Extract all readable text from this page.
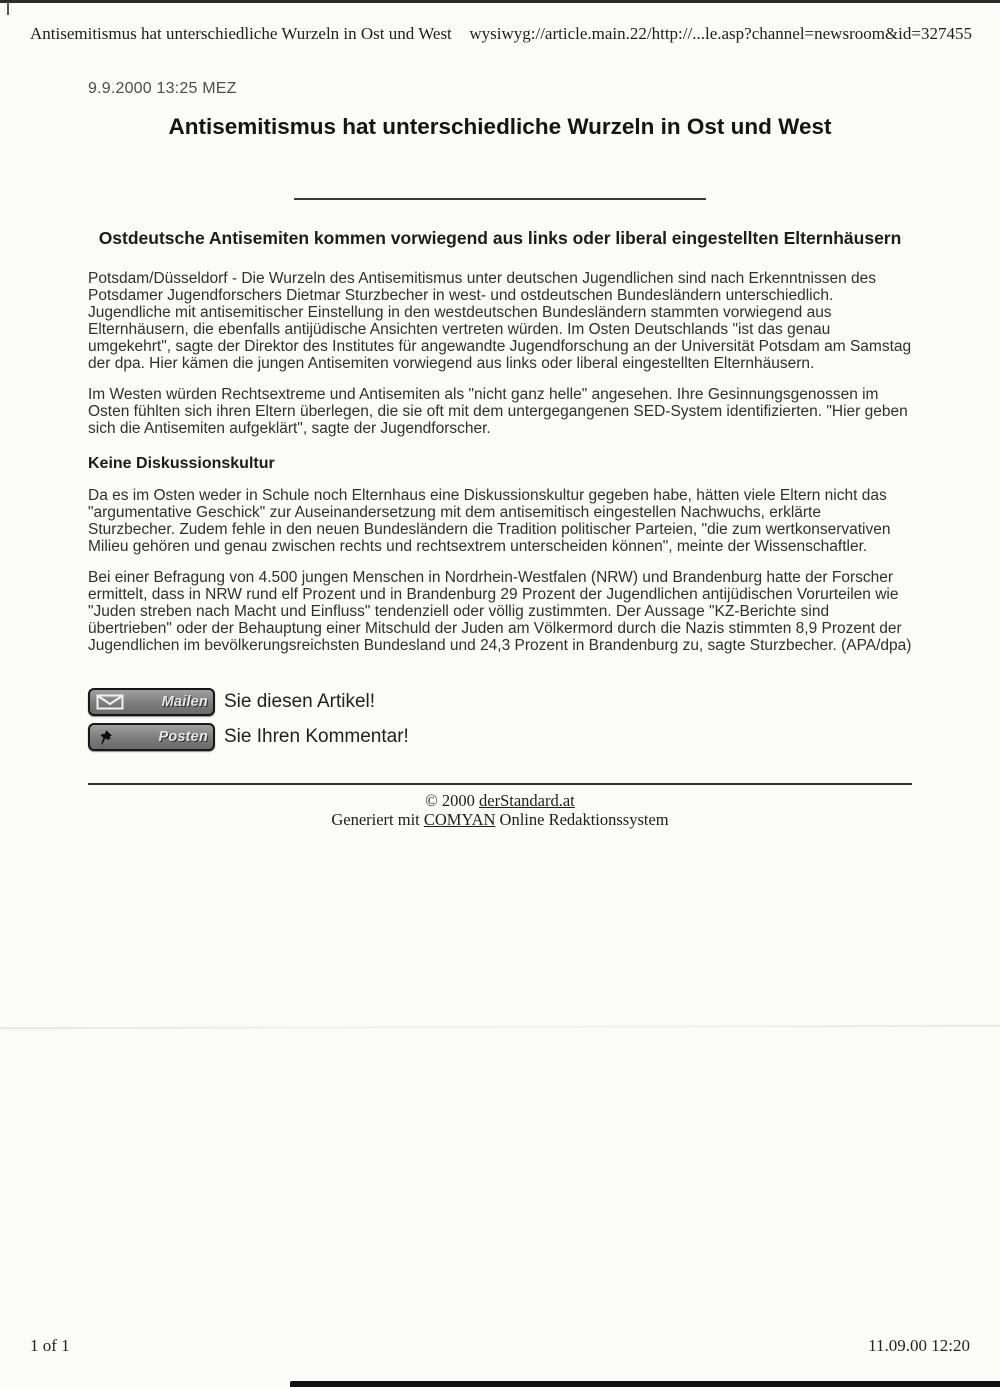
Antisemitismus hat unterschiedliche Wurzeln in Ost und West wysiwyg://article.main.22/http://...le.asp?channel=newsroom&id=327455
9.9.2000 13:25 MEZ
Antisemitismus hat unterschiedliche Wurzeln in Ost und West
Ostdeutsche Antisemiten kommen vorwiegend aus links oder liberal eingestellten Elternhäusern

Potsdam/Düsseldorf - Die Wurzeln des Antisemitismus unter deutschen Jugendlichen sind nach Erkenntnissen des Potsdamer Jugendforschers Dietmar Sturzbecher in west- und ostdeutschen Bundesländern unterschiedlich. Jugendliche mit antisemitischer Einstellung in den westdeutschen Bundesländern stammten vorwiegend aus Elternhäusern, die ebenfalls antijüdische Ansichten vertreten würden. Im Osten Deutschlands "ist das genau umgekehrt", sagte der Direktor des Institutes für angewandte Jugendforschung an der Universität Potsdam am Samstag der dpa. Hier kämen die jungen Antisemiten vorwiegend aus links oder liberal eingestellten Elternhäusern.

Im Westen würden Rechtsextreme und Antisemiten als "nicht ganz helle" angesehen. Ihre Gesinnungsgenossen im Osten fühlten sich ihren Eltern überlegen, die sie oft mit dem untergegangenen SED-System identifizierten. "Hier geben sich die Antisemiten aufgeklärt", sagte der Jugendforscher.

Keine Diskussionskultur

Da es im Osten weder in Schule noch Elternhaus eine Diskussionskultur gegeben habe, hätten viele Eltern nicht das "argumentative Geschick" zur Auseinandersetzung mit dem antisemitisch eingestellen Nachwuchs, erklärte Sturzbecher. Zudem fehle in den neuen Bundesländern die Tradition politischer Parteien, "die zum wertkonservativen Milieu gehören und genau zwischen rechts und rechtsextrem unterscheiden können", meinte der Wissenschaftler.

Bei einer Befragung von 4.500 jungen Menschen in Nordrhein-Westfalen (NRW) und Brandenburg hatte der Forscher ermittelt, dass in NRW rund elf Prozent und in Brandenburg 29 Prozent der Jugendlichen antijüdischen Vorurteilen wie "Juden streben nach Macht und Einfluss" tendenziell oder völlig zustimmten. Der Aussage "KZ-Berichte sind übertrieben" oder der Behauptung einer Mitschuld der Juden am Völkermord durch die Nazis stimmten 8,9 Prozent der Jugendlichen im bevölkerungsreichsten Bundesland und 24,3 Prozent in Brandenburg zu, sagte Sturzbecher. (APA/dpa)

Mailen Sie diesen Artikel!
Posten Sie Ihren Kommentar!
© 2000 derStandard.at
Generiert mit COMYAN Online Redaktionssystem
1 of 1	11.09.00 12:20
